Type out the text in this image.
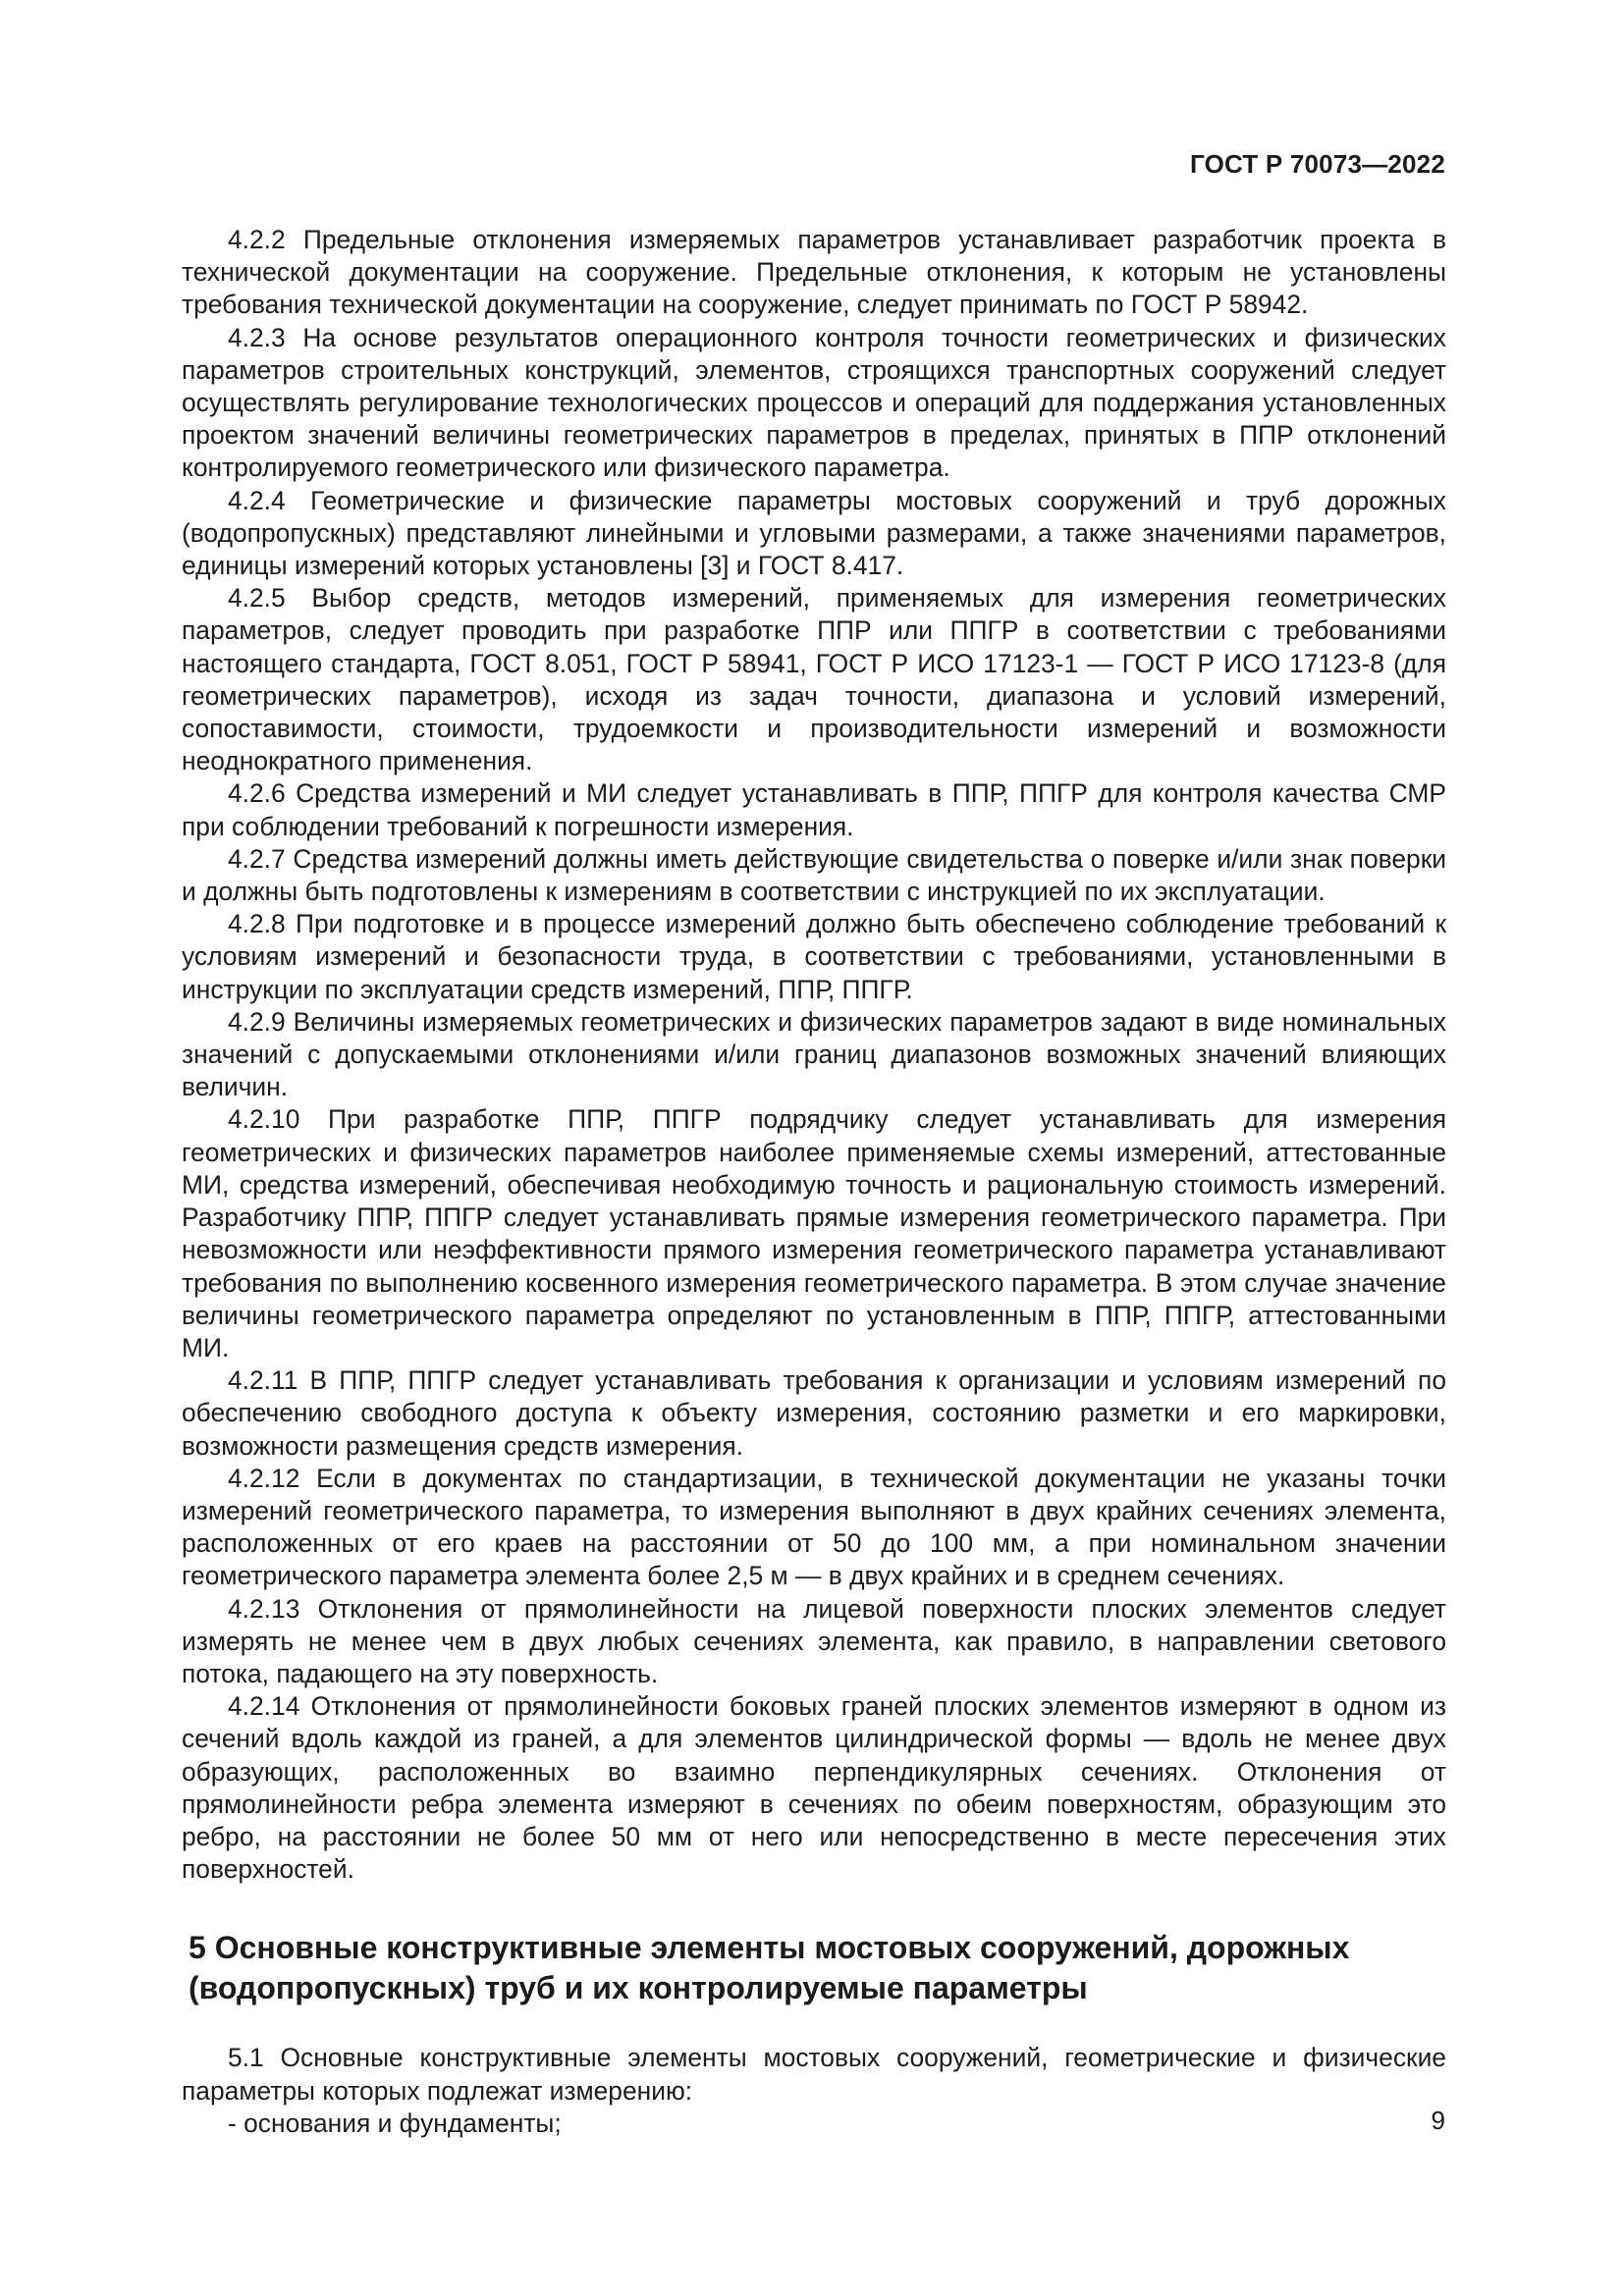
ГОСТ Р 70073—2022

4.2.2 Предельные отклонения измеряемых параметров устанавливает разработчик проекта в технической документации на сооружение. Предельные отклонения, к которым не установлены требования технической документации на сооружение, следует принимать по ГОСТ Р 58942.

4.2.3 На основе результатов операционного контроля точности геометрических и физических параметров строительных конструкций, элементов, строящихся транспортных сооружений следует осуществлять регулирование технологических процессов и операций для поддержания установленных проектом значений величины геометрических параметров в пределах, принятых в ППР отклонений контролируемого геометрического или физического параметра.

4.2.4 Геометрические и физические параметры мостовых сооружений и труб дорожных (водопропускных) представляют линейными и угловыми размерами, а также значениями параметров, единицы измерений которых установлены [3] и ГОСТ 8.417.

4.2.5 Выбор средств, методов измерений, применяемых для измерения геометрических параметров, следует проводить при разработке ППР или ППГР в соответствии с требованиями настоящего стандарта, ГОСТ 8.051, ГОСТ Р 58941, ГОСТ Р ИСО 17123-1 — ГОСТ Р ИСО 17123-8 (для геометрических параметров), исходя из задач точности, диапазона и условий измерений, сопоставимости, стоимости, трудоемкости и производительности измерений и возможности неоднократного применения.

4.2.6 Средства измерений и МИ следует устанавливать в ППР, ППГР для контроля качества СМР при соблюдении требований к погрешности измерения.

4.2.7 Средства измерений должны иметь действующие свидетельства о поверке и/или знак поверки и должны быть подготовлены к измерениям в соответствии с инструкцией по их эксплуатации.

4.2.8 При подготовке и в процессе измерений должно быть обеспечено соблюдение требований к условиям измерений и безопасности труда, в соответствии с требованиями, установленными в инструкции по эксплуатации средств измерений, ППР, ППГР.

4.2.9 Величины измеряемых геометрических и физических параметров задают в виде номинальных значений с допускаемыми отклонениями и/или границ диапазонов возможных значений влияющих величин.

4.2.10 При разработке ППР, ППГР подрядчику следует устанавливать для измерения геометрических и физических параметров наиболее применяемые схемы измерений, аттестованные МИ, средства измерений, обеспечивая необходимую точность и рациональную стоимость измерений. Разработчику ППР, ППГР следует устанавливать прямые измерения геометрического параметра. При невозможности или неэффективности прямого измерения геометрического параметра устанавливают требования по выполнению косвенного измерения геометрического параметра. В этом случае значение величины геометрического параметра определяют по установленным в ППР, ППГР, аттестованными МИ.

4.2.11 В ППР, ППГР следует устанавливать требования к организации и условиям измерений по обеспечению свободного доступа к объекту измерения, состоянию разметки и его маркировки, возможности размещения средств измерения.

4.2.12 Если в документах по стандартизации, в технической документации не указаны точки измерений геометрического параметра, то измерения выполняют в двух крайних сечениях элемента, расположенных от его краев на расстоянии от 50 до 100 мм, а при номинальном значении геометрического параметра элемента более 2,5 м — в двух крайних и в среднем сечениях.

4.2.13 Отклонения от прямолинейности на лицевой поверхности плоских элементов следует измерять не менее чем в двух любых сечениях элемента, как правило, в направлении светового потока, падающего на эту поверхность.

4.2.14 Отклонения от прямолинейности боковых граней плоских элементов измеряют в одном из сечений вдоль каждой из граней, а для элементов цилиндрической формы — вдоль не менее двух образующих, расположенных во взаимно перпендикулярных сечениях. Отклонения от прямолинейности ребра элемента измеряют в сечениях по обеим поверхностям, образующим это ребро, на расстоянии не более 50 мм от него или непосредственно в месте пересечения этих поверхностей.

5 Основные конструктивные элементы мостовых сооружений, дорожных (водопропускных) труб и их контролируемые параметры

5.1 Основные конструктивные элементы мостовых сооружений, геометрические и физические параметры которых подлежат измерению:

- основания и фундаменты;	9
